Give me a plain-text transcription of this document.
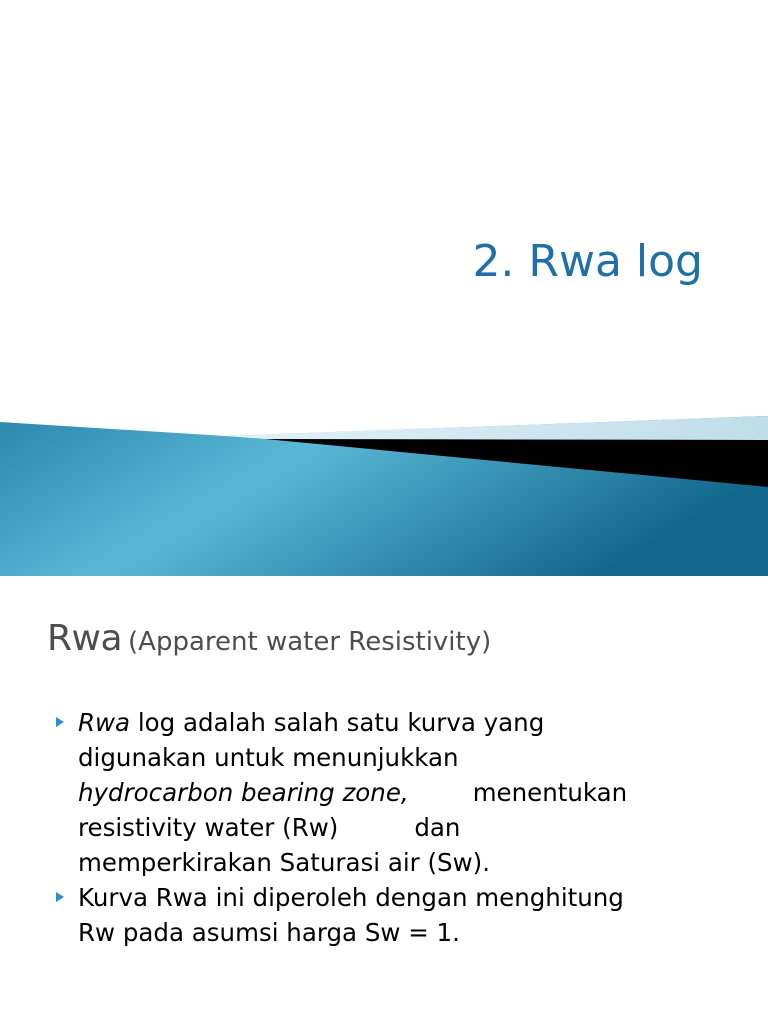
2. Rwa log
Rwa (Apparent water Resistivity)

Rwa log adalah salah satu kurva yang
digunakan untuk menunjukkan
hydrocarbon bearing zone,	menentukan
resistivity water (Rw)	dan
memperkirakan Saturasi air (Sw).

Kurva Rwa ini diperoleh dengan menghitung
Rw pada asumsi harga Sw = 1.
